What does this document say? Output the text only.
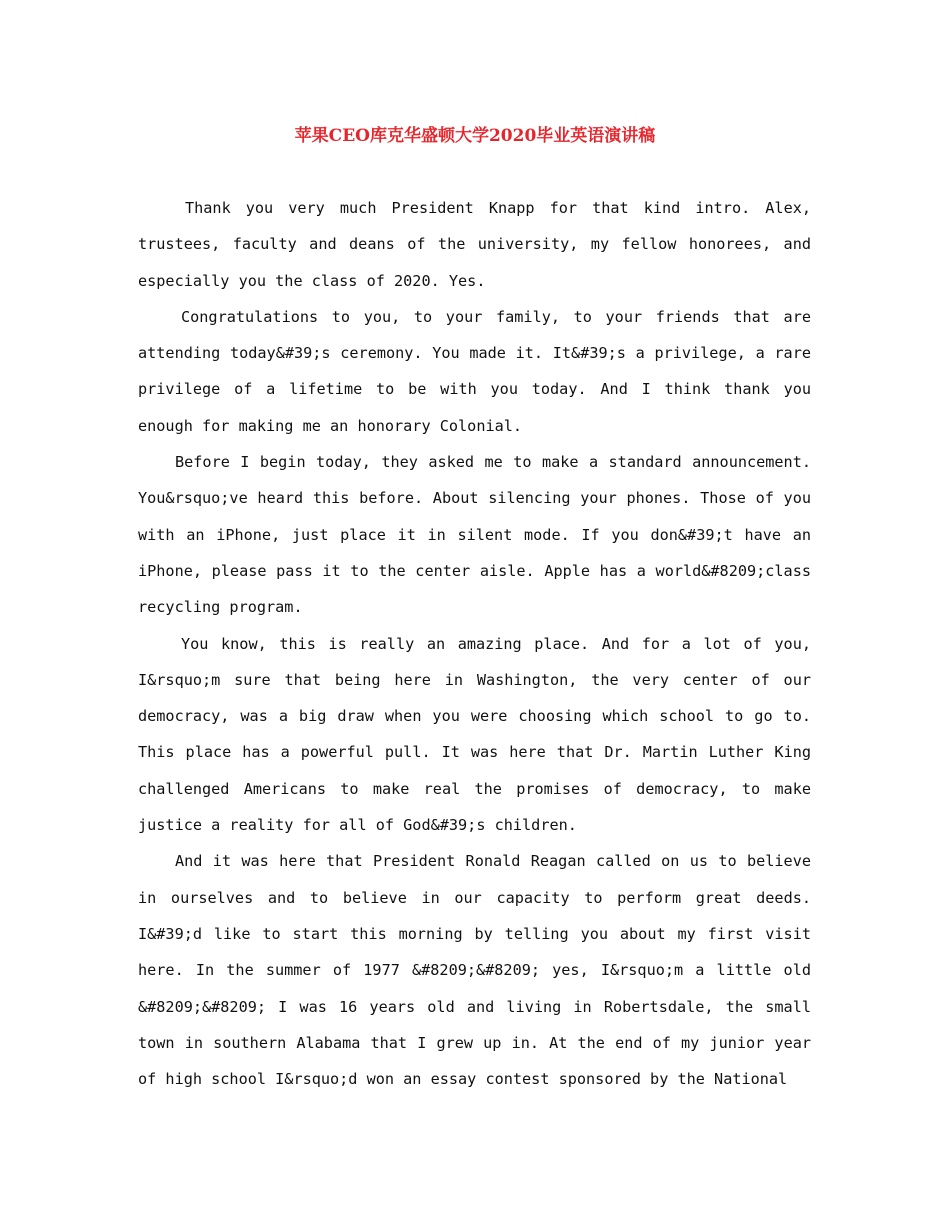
苹果CEO库克华盛顿大学2020毕业英语演讲稿

Thank you very much President Knapp for that kind intro. Alex, trustees, faculty and deans of the university, my fellow honorees, and especially you the class of 2020. Yes.

Congratulations to you, to your family, to your friends that are attending today&#39;s ceremony. You made it. It&#39;s a privilege, a rare privilege of a lifetime to be with you today. And I think thank you enough for making me an honorary Colonial.

Before I begin today, they asked me to make a standard announcement. You&rsquo;ve heard this before. About silencing your phones. Those of you with an iPhone, just place it in silent mode. If you don&#39;t have an iPhone, please pass it to the center aisle. Apple has a world&#8209;class recycling program.

You know, this is really an amazing place. And for a lot of you, I&rsquo;m sure that being here in Washington, the very center of our democracy, was a big draw when you were choosing which school to go to. This place has a powerful pull. It was here that Dr. Martin Luther King challenged Americans to make real the promises of democracy, to make justice a reality for all of God&#39;s children.

And it was here that President Ronald Reagan called on us to believe in ourselves and to believe in our capacity to perform great deeds. I&#39;d like to start this morning by telling you about my first visit here. In the summer of 1977 &#8209;&#8209; yes, I&rsquo;m a little old &#8209;&#8209; I was 16 years old and living in Robertsdale, the small town in southern Alabama that I grew up in. At the end of my junior year of high school I&rsquo;d won an essay contest sponsored by the National
